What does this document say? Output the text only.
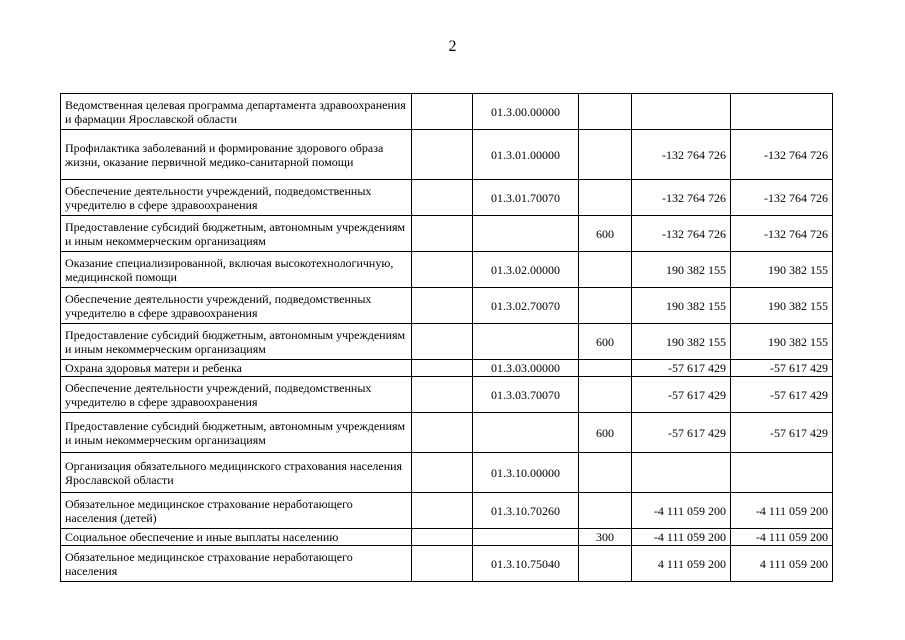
2
Ведомственная целевая программа департамента здравоохранения и фармации Ярославской области		01.3.00.00000			
Профилактика заболеваний и формирование здорового образа жизни, оказание первичной медико-санитарной помощи		01.3.01.00000		-132 764 726	-132 764 726
Обеспечение деятельности учреждений, подведомственных учредителю в сфере здравоохранения		01.3.01.70070		-132 764 726	-132 764 726
Предоставление субсидий бюджетным, автономным учреждениям и иным некоммерческим организациям			600	-132 764 726	-132 764 726
Оказание специализированной, включая высокотехнологичную, медицинской помощи		01.3.02.00000		190 382 155	190 382 155
Обеспечение деятельности учреждений, подведомственных учредителю в сфере здравоохранения		01.3.02.70070		190 382 155	190 382 155
Предоставление субсидий бюджетным, автономным учреждениям и иным некоммерческим организациям			600	190 382 155	190 382 155
Охрана здоровья матери и ребенка		01.3.03.00000		-57 617 429	-57 617 429
Обеспечение деятельности учреждений, подведомственных учредителю в сфере здравоохранения		01.3.03.70070		-57 617 429	-57 617 429
Предоставление субсидий бюджетным, автономным учреждениям и иным некоммерческим организациям			600	-57 617 429	-57 617 429
Организация обязательного медицинского страхования населения Ярославской области		01.3.10.00000			
Обязательное медицинское страхование неработающего населения (детей)		01.3.10.70260		-4 111 059 200	-4 111 059 200
Социальное обеспечение и иные выплаты населению			300	-4 111 059 200	-4 111 059 200
Обязательное медицинское страхование неработающего населения		01.3.10.75040		4 111 059 200	4 111 059 200
